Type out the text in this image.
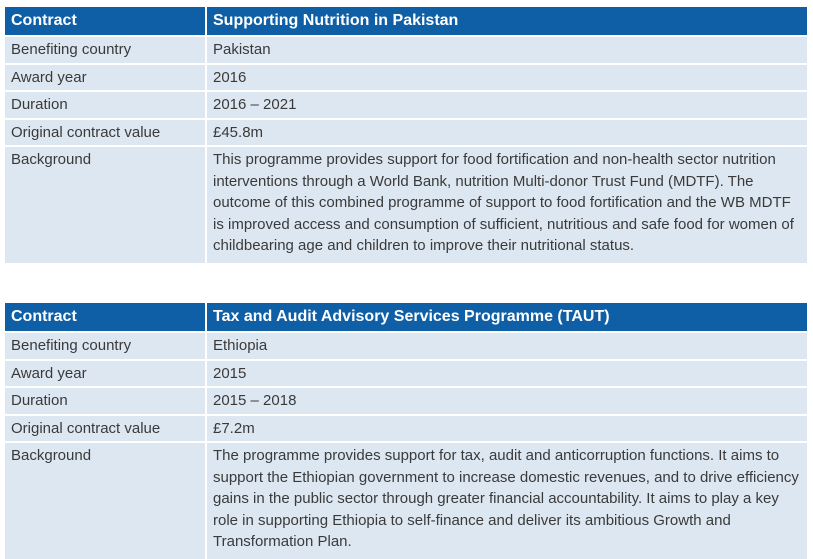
Contract	Supporting Nutrition in Pakistan
Benefiting country	Pakistan
Award year	2016
Duration	2016 – 2021
Original contract value	£45.8m
Background	This programme provides support for food fortification and non-health sector nutrition interventions through a World Bank, nutrition Multi-donor Trust Fund (MDTF). The outcome of this combined programme of support to food fortification and the WB MDTF is improved access and consumption of sufficient, nutritious and safe food for women of childbearing age and children to improve their nutritional status.
Contract	Tax and Audit Advisory Services Programme (TAUT)
Benefiting country	Ethiopia
Award year	2015
Duration	2015 – 2018
Original contract value	£7.2m
Background	The programme provides support for tax, audit and anticorruption functions. It aims to support the Ethiopian government to increase domestic revenues, and to drive efficiency gains in the public sector through greater financial accountability. It aims to play a key role in supporting Ethiopia to self-finance and deliver its ambitious Growth and Transformation Plan.
